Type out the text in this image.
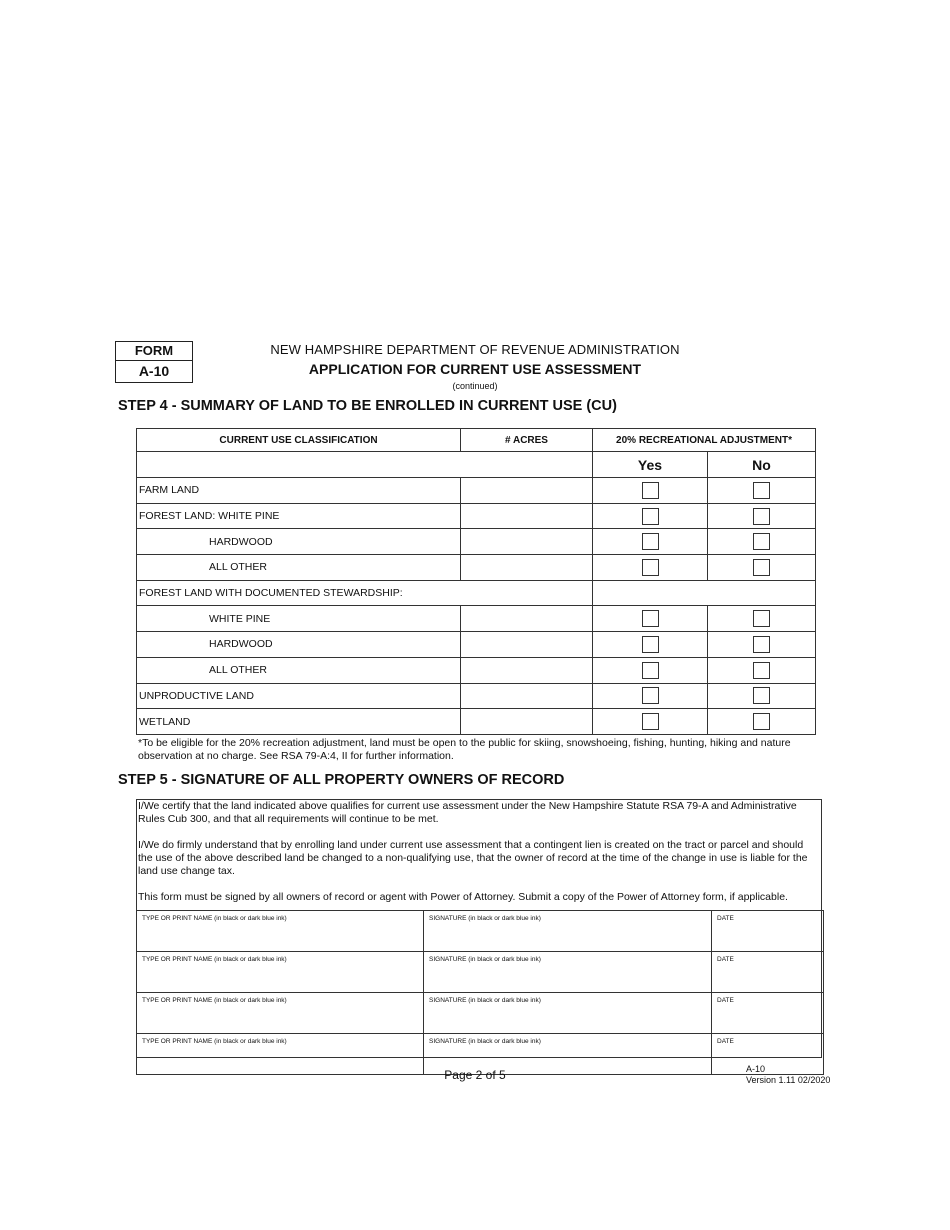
FORM
A-10
NEW HAMPSHIRE DEPARTMENT OF REVENUE ADMINISTRATION
APPLICATION FOR CURRENT USE ASSESSMENT
(continued)
STEP 4 - SUMMARY OF LAND TO BE ENROLLED IN CURRENT USE (CU)
CURRENT USE CLASSIFICATION	# ACRES	20% RECREATIONAL ADJUSTMENT*	
		Yes	No
FARM LAND			
FOREST LAND: WHITE PINE			
HARDWOOD			
ALL OTHER			
FOREST LAND WITH DOCUMENTED STEWARDSHIP:			
WHITE PINE			
HARDWOOD			
ALL OTHER			
UNPRODUCTIVE LAND			
WETLAND			
*To be eligible for the 20% recreation adjustment, land must be open to the public for skiing, snowshoeing, fishing, hunting, hiking and nature observation at no charge. See RSA 79-A:4, II for further information.
STEP 5 - SIGNATURE OF ALL PROPERTY OWNERS OF RECORD
I/We certify that the land indicated above qualifies for current use assessment under the New Hampshire Statute RSA 79-A and Administrative Rules Cub 300, and that all requirements will continue to be met.
I/We do firmly understand that by enrolling land under current use assessment that a contingent lien is created on the tract or parcel and should the use of the above described land be changed to a non-qualifying use, that the owner of record at the time of the change in use is liable for the land use change tax.
This form must be signed by all owners of record or agent with Power of Attorney. Submit a copy of the Power of Attorney form, if applicable.
TYPE OR PRINT NAME (in black or dark blue ink)	SIGNATURE (in black or dark blue ink)	DATE
TYPE OR PRINT NAME (in black or dark blue ink)	SIGNATURE (in black or dark blue ink)	DATE
TYPE OR PRINT NAME (in black or dark blue ink)	SIGNATURE (in black or dark blue ink)	DATE
TYPE OR PRINT NAME (in black or dark blue ink)	SIGNATURE (in black or dark blue ink)	DATE
Page 2 of 5	A-10
Version 1.11 02/2020
